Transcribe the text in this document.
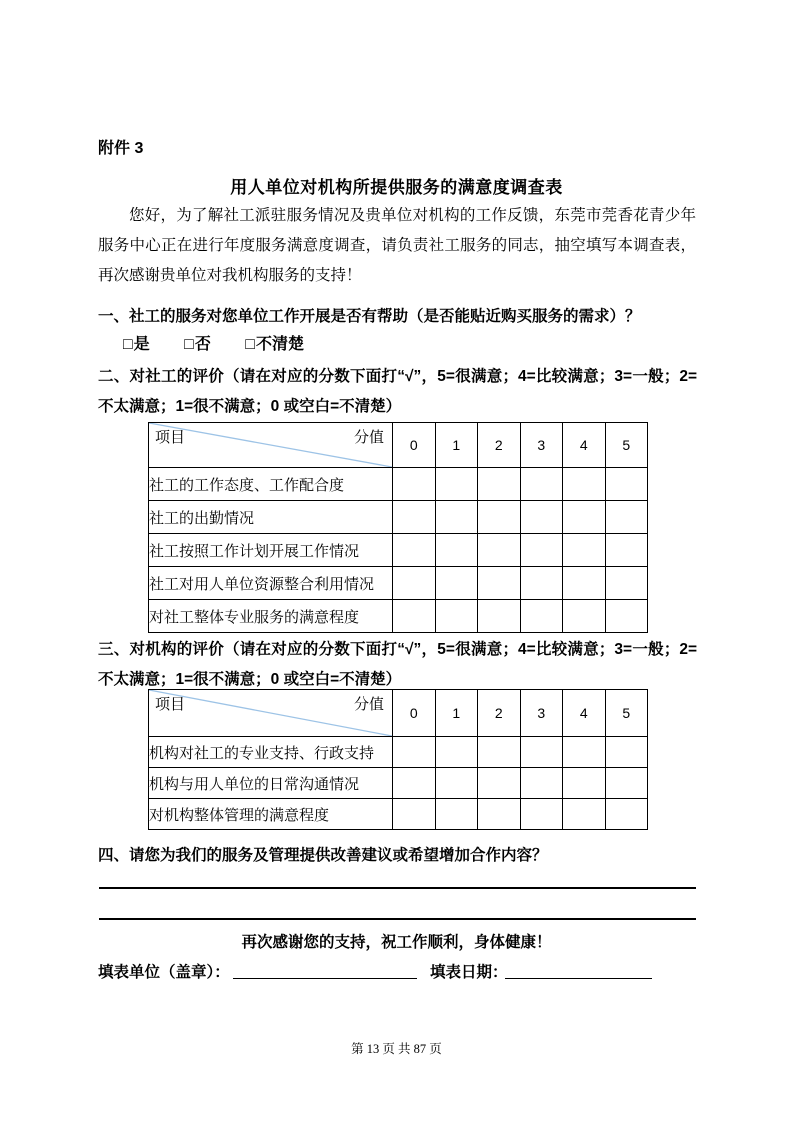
附件 3
用人单位对机构所提供服务的满意度调查表
您好，为了解社工派驻服务情况及贵单位对机构的工作反馈，东莞市莞香花青少年服务中心正在进行年度服务满意度调查，请负责社工服务的同志，抽空填写本调查表，再次感谢贵单位对我机构服务的支持！
一、社工的服务对您单位工作开展是否有帮助（是否能贴近购买服务的需求）？
□是 □否 □不清楚
二、对社工的评价（请在对应的分数下面打“√”，5=很满意；4=比较满意；3=一般；2=不太满意；1=很不满意；0 或空白=不清楚）
项目 分值	0	1	2	3	4	5
社工的工作态度、工作配合度						
社工的出勤情况						
社工按照工作计划开展工作情况						
社工对用人单位资源整合利用情况						
对社工整体专业服务的满意程度						
三、对机构的评价（请在对应的分数下面打“√”，5=很满意；4=比较满意；3=一般；2=不太满意；1=很不满意；0 或空白=不清楚）
项目 分值	0	1	2	3	4	5
机构对社工的专业支持、行政支持						
机构与用人单位的日常沟通情况						
对机构整体管理的满意程度						
四、请您为我们的服务及管理提供改善建议或希望增加合作内容？
再次感谢您的支持，祝工作顺利，身体健康！
填表单位（盖章）：	填表日期：
第 13 页 共 87 页
